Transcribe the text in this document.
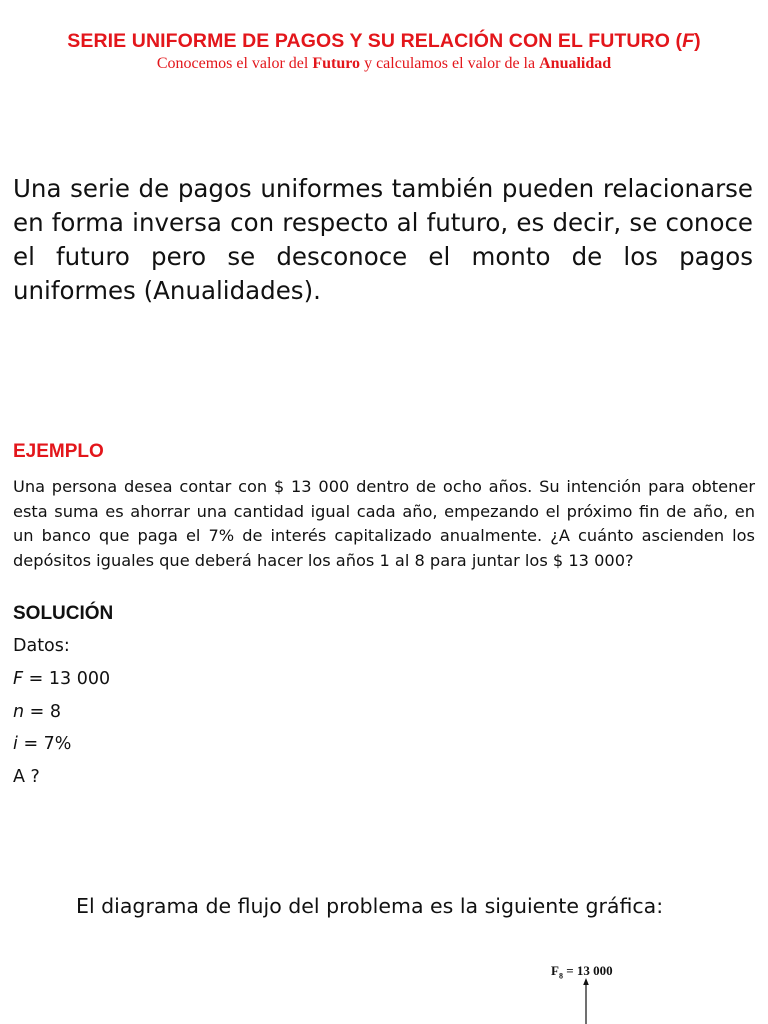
SERIE UNIFORME DE PAGOS Y SU RELACIÓN CON EL FUTURO (F)
Conocemos el valor del Futuro y calculamos el valor de la Anualidad
Una serie de pagos uniformes también pueden relacionarse en forma inversa con respecto al futuro, es decir, se conoce el futuro pero se desconoce el monto de los pagos uniformes (Anualidades).
EJEMPLO
Una persona desea contar con $ 13 000 dentro de ocho años. Su intención para obtener esta suma es ahorrar una cantidad igual cada año, empezando el próximo fin de año, en un banco que paga el 7% de interés capitalizado anualmente. ¿A cuánto ascienden los depósitos iguales que deberá hacer los años 1 al 8 para juntar los $ 13 000?
SOLUCIÓN
Datos:
F = 13 000
n = 8
i = 7%
A ?
El diagrama de flujo del problema es la siguiente gráfica:
$F_8 = 13$ 000
